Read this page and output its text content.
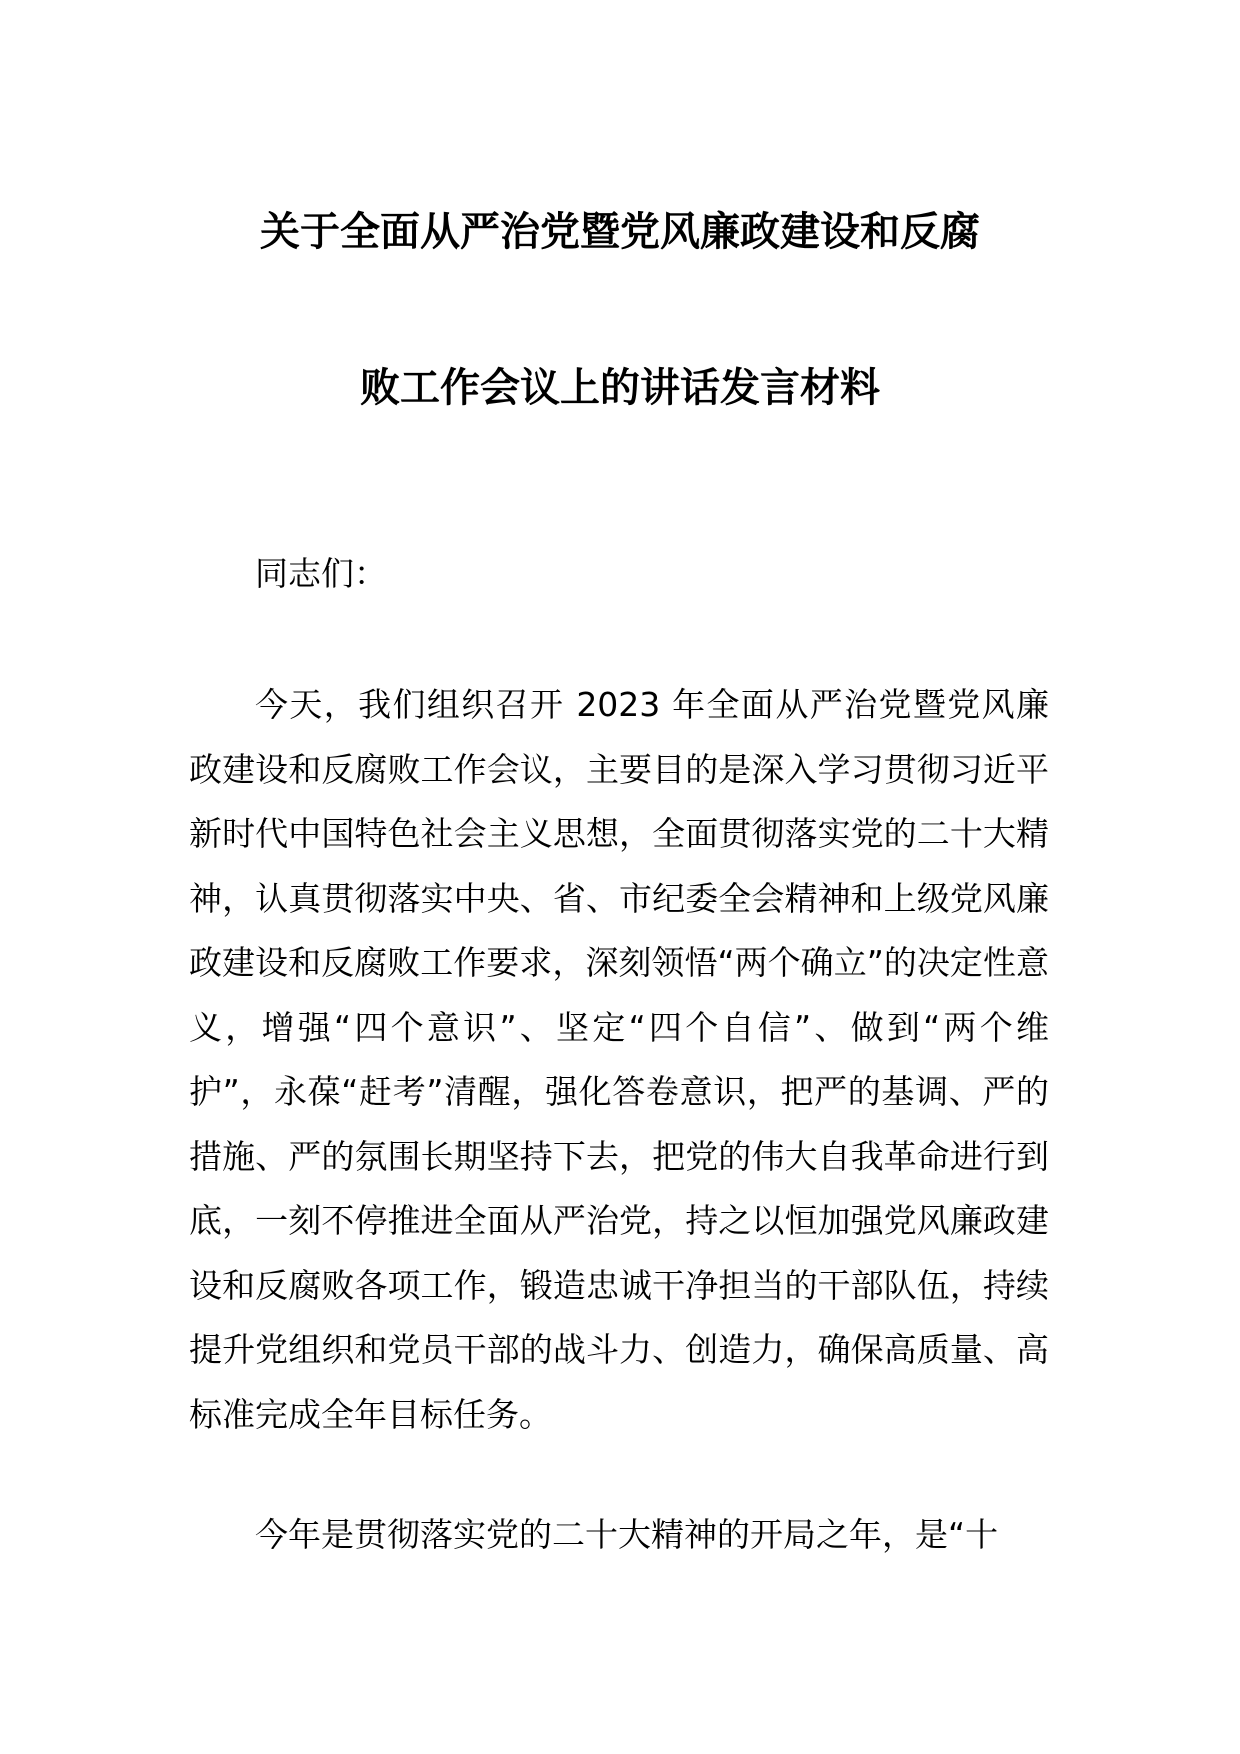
关于全面从严治党暨党风廉政建设和反腐
败工作会议上的讲话发言材料
同志们：
今天，我们组织召开 2023 年全面从严治党暨党风廉政建设和反腐败工作会议，主要目的是深入学习贯彻习近平新时代中国特色社会主义思想，全面贯彻落实党的二十大精神，认真贯彻落实中央、省、市纪委全会精神和上级党风廉政建设和反腐败工作要求，深刻领悟“两个确立”的决定性意义，增强“四个意识”、坚定“四个自信”、做到“两个维护”，永葆“赶考”清醒，强化答卷意识，把严的基调、严的措施、严的氛围长期坚持下去，把党的伟大自我革命进行到底，一刻不停推进全面从严治党，持之以恒加强党风廉政建设和反腐败各项工作，锻造忠诚干净担当的干部队伍，持续提升党组织和党员干部的战斗力、创造力，确保高质量、高标准完成全年目标任务。
今年是贯彻落实党的二十大精神的开局之年，是“十
